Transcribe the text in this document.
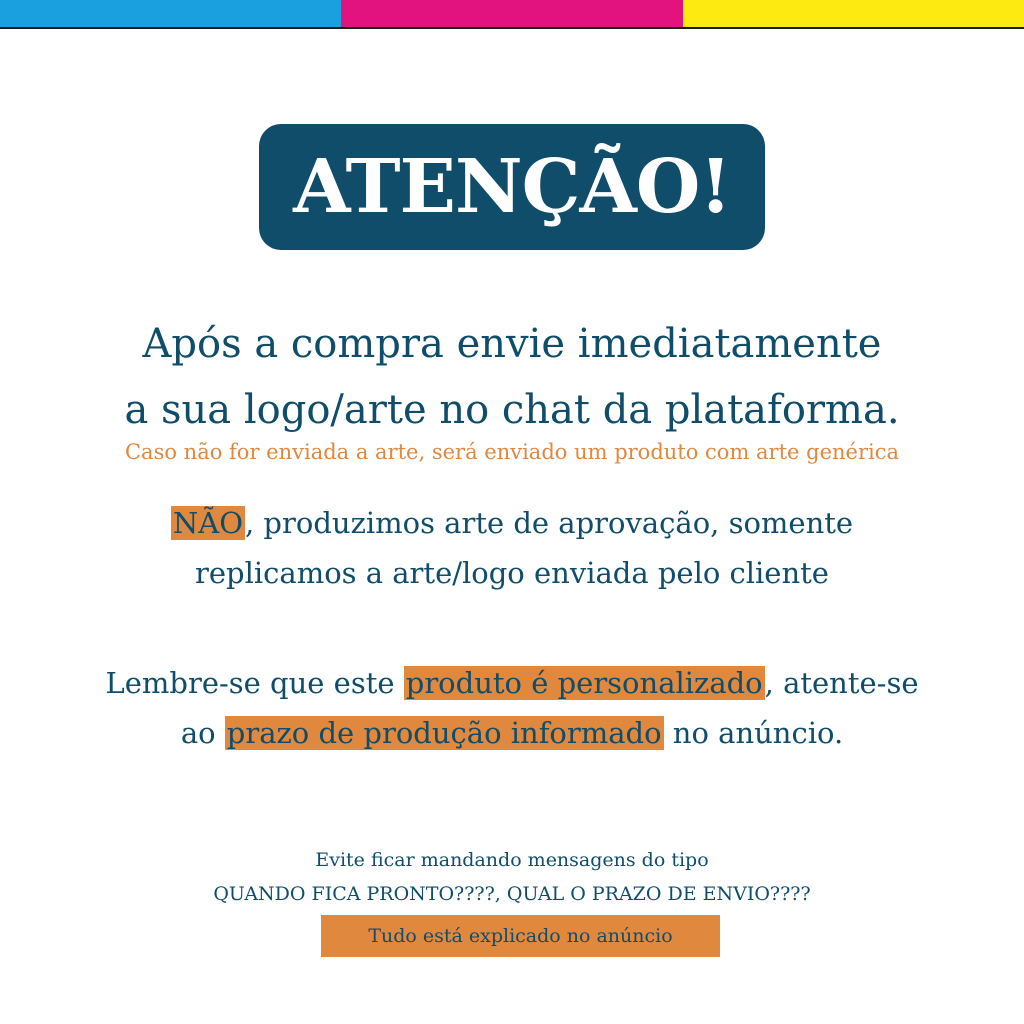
ATENÇÃO!
Após a compra envie imediatamente
a sua logo/arte no chat da plataforma.
Caso não for enviada a arte, será enviado um produto com arte genérica
NÃO, produzimos arte de aprovação, somente
replicamos a arte/logo enviada pelo cliente
Lembre-se que este produto é personalizado, atente-se
ao prazo de produção informado no anúncio.
Evite ficar mandando mensagens do tipo
QUANDO FICA PRONTO????, QUAL O PRAZO DE ENVIO????
Tudo está explicado no anúncio
